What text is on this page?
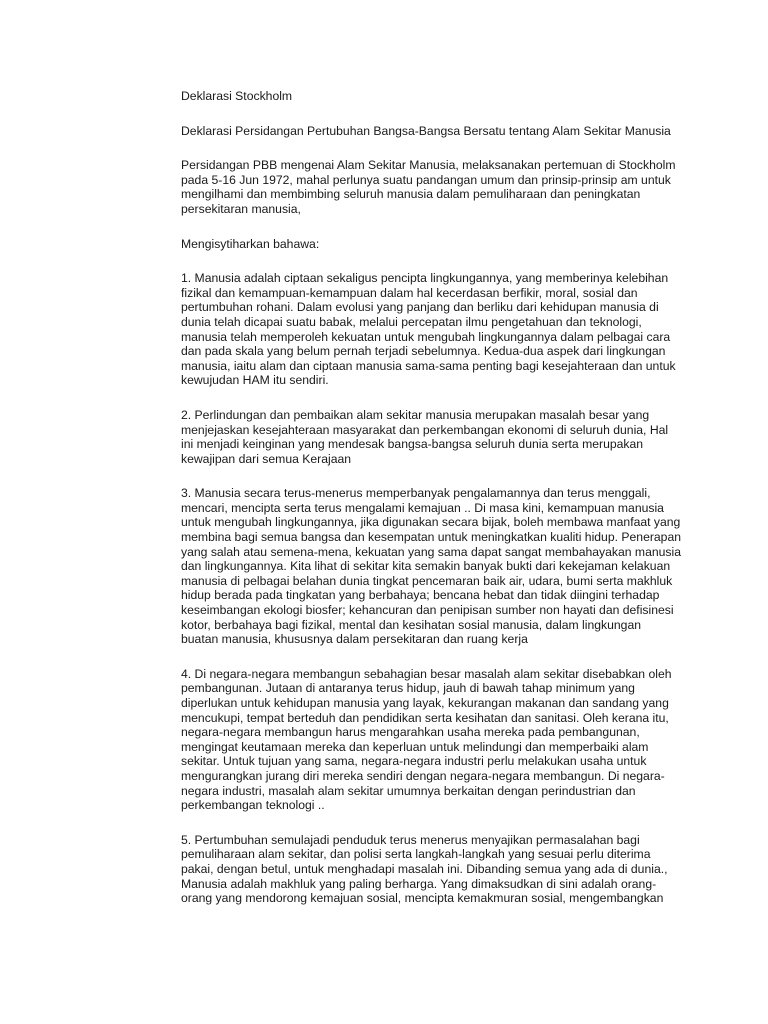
Deklarasi Stockholm

Deklarasi Persidangan Pertubuhan Bangsa-Bangsa Bersatu tentang Alam Sekitar Manusia

Persidangan PBB mengenai Alam Sekitar Manusia, melaksanakan pertemuan di Stockholm pada 5-16 Jun 1972, mahal perlunya suatu pandangan umum dan prinsip-prinsip am untuk mengilhami dan membimbing seluruh manusia dalam pemuliharaan dan peningkatan persekitaran manusia,

Mengisytiharkan bahawa:

1. Manusia adalah ciptaan sekaligus pencipta lingkungannya, yang memberinya kelebihan fizikal dan kemampuan-kemampuan dalam hal kecerdasan berfikir, moral, sosial dan pertumbuhan rohani. Dalam evolusi yang panjang dan berliku dari kehidupan manusia di dunia telah dicapai suatu babak, melalui percepatan ilmu pengetahuan dan teknologi, manusia telah memperoleh kekuatan untuk mengubah lingkungannya dalam pelbagai cara dan pada skala yang belum pernah terjadi sebelumnya. Kedua-dua aspek dari lingkungan manusia, iaitu alam dan ciptaan manusia sama-sama penting bagi kesejahteraan dan untuk kewujudan HAM itu sendiri.

2. Perlindungan dan pembaikan alam sekitar manusia merupakan masalah besar yang menjejaskan kesejahteraan masyarakat dan perkembangan ekonomi di seluruh dunia, Hal ini menjadi keinginan yang mendesak bangsa-bangsa seluruh dunia serta merupakan kewajipan dari semua Kerajaan

3. Manusia secara terus-menerus memperbanyak pengalamannya dan terus menggali, mencari, mencipta serta terus mengalami kemajuan .. Di masa kini, kemampuan manusia untuk mengubah lingkungannya, jika digunakan secara bijak, boleh membawa manfaat yang membina bagi semua bangsa dan kesempatan untuk meningkatkan kualiti hidup. Penerapan yang salah atau semena-mena, kekuatan yang sama dapat sangat membahayakan manusia dan lingkungannya. Kita lihat di sekitar kita semakin banyak bukti dari kekejaman kelakuan manusia di pelbagai belahan dunia tingkat pencemaran baik air, udara, bumi serta makhluk hidup berada pada tingkatan yang berbahaya; bencana hebat dan tidak diingini terhadap keseimbangan ekologi biosfer; kehancuran dan penipisan sumber non hayati dan defisinesi kotor, berbahaya bagi fizikal, mental dan kesihatan sosial manusia, dalam lingkungan buatan manusia, khususnya dalam persekitaran dan ruang kerja

4. Di negara-negara membangun sebahagian besar masalah alam sekitar disebabkan oleh pembangunan. Jutaan di antaranya terus hidup, jauh di bawah tahap minimum yang diperlukan untuk kehidupan manusia yang layak, kekurangan makanan dan sandang yang mencukupi, tempat berteduh dan pendidikan serta kesihatan dan sanitasi. Oleh kerana itu, negara-negara membangun harus mengarahkan usaha mereka pada pembangunan, mengingat keutamaan mereka dan keperluan untuk melindungi dan memperbaiki alam sekitar. Untuk tujuan yang sama, negara-negara industri perlu melakukan usaha untuk mengurangkan jurang diri mereka sendiri dengan negara-negara membangun. Di negara-negara industri, masalah alam sekitar umumnya berkaitan dengan perindustrian dan perkembangan teknologi ..

5. Pertumbuhan semulajadi penduduk terus menerus menyajikan permasalahan bagi pemuliharaan alam sekitar, dan polisi serta langkah-langkah yang sesuai perlu diterima pakai, dengan betul, untuk menghadapi masalah ini. Dibanding semua yang ada di dunia., Manusia adalah makhluk yang paling berharga. Yang dimaksudkan di sini adalah orang-orang yang mendorong kemajuan sosial, mencipta kemakmuran sosial, mengembangkan
